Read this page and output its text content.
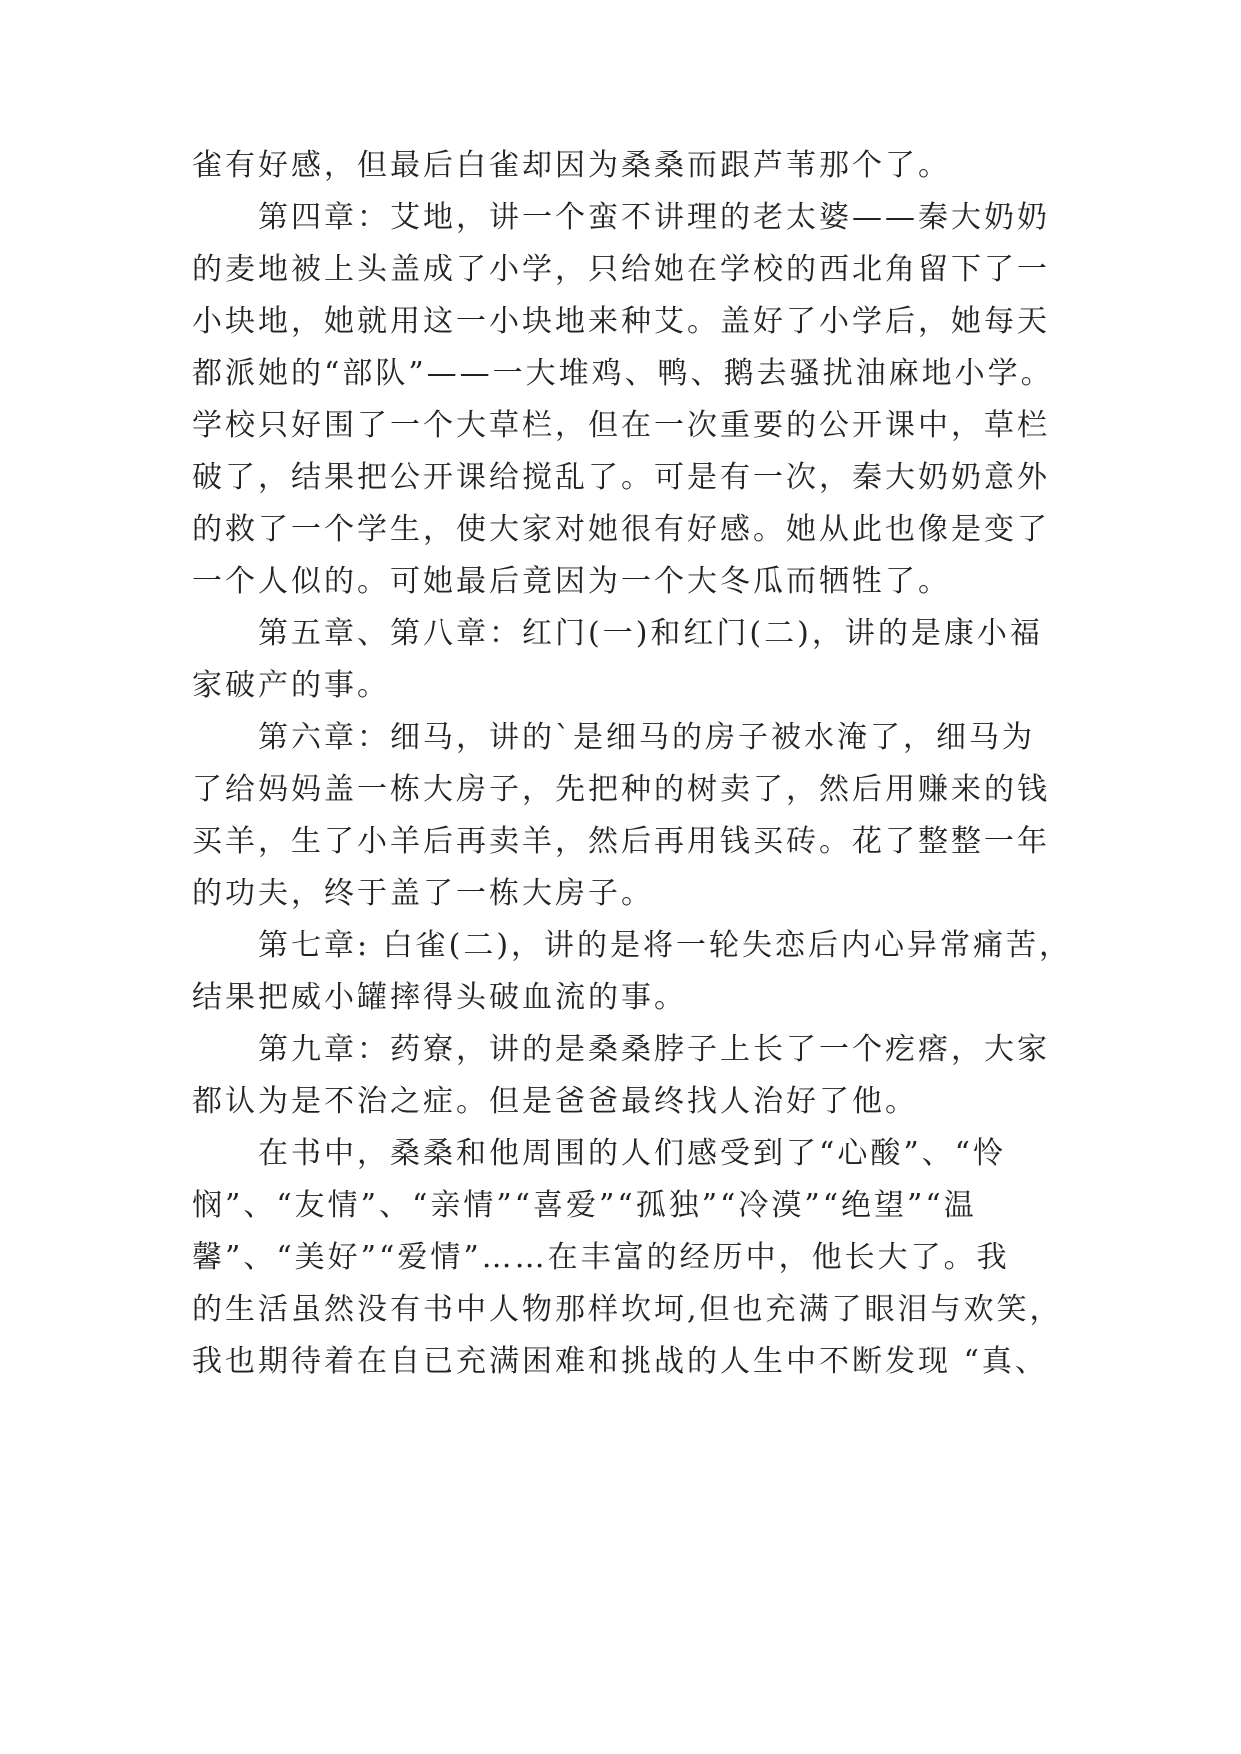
雀有好感，但最后白雀却因为桑桑而跟芦苇那个了。
第四章：艾地，讲一个蛮不讲理的老太婆——秦大奶奶
的麦地被上头盖成了小学，只给她在学校的西北角留下了一
小块地，她就用这一小块地来种艾。盖好了小学后，她每天
都派她的“部队”——一大堆鸡、鸭、鹅去骚扰油麻地小学。
学校只好围了一个大草栏，但在一次重要的公开课中，草栏
破了，结果把公开课给搅乱了。可是有一次，秦大奶奶意外
的救了一个学生，使大家对她很有好感。她从此也像是变了
一个人似的。可她最后竟因为一个大冬瓜而牺牲了。
第五章、第八章：红门(一)和红门(二)，讲的是康小福
家破产的事。
第六章：细马，讲的`是细马的房子被水淹了，细马为
了给妈妈盖一栋大房子，先把种的树卖了，然后用赚来的钱
买羊，生了小羊后再卖羊，然后再用钱买砖。花了整整一年
的功夫，终于盖了一栋大房子。
第七章: 白雀(二)，讲的是将一轮失恋后内心异常痛苦，
结果把威小罐摔得头破血流的事。
第九章：药寮，讲的是桑桑脖子上长了一个疙瘩，大家
都认为是不治之症。但是爸爸最终找人治好了他。
在书中，桑桑和他周围的人们感受到了“心酸”、“怜
悯”、“友情”、“亲情”“喜爱”“孤独”“冷漠”“绝望”“温
馨”、“美好”“爱情”……在丰富的经历中，他长大了。我
的生活虽然没有书中人物那样坎坷,但也充满了眼泪与欢笑，
我也期待着在自已充满困难和挑战的人生中不断发现 “真、
